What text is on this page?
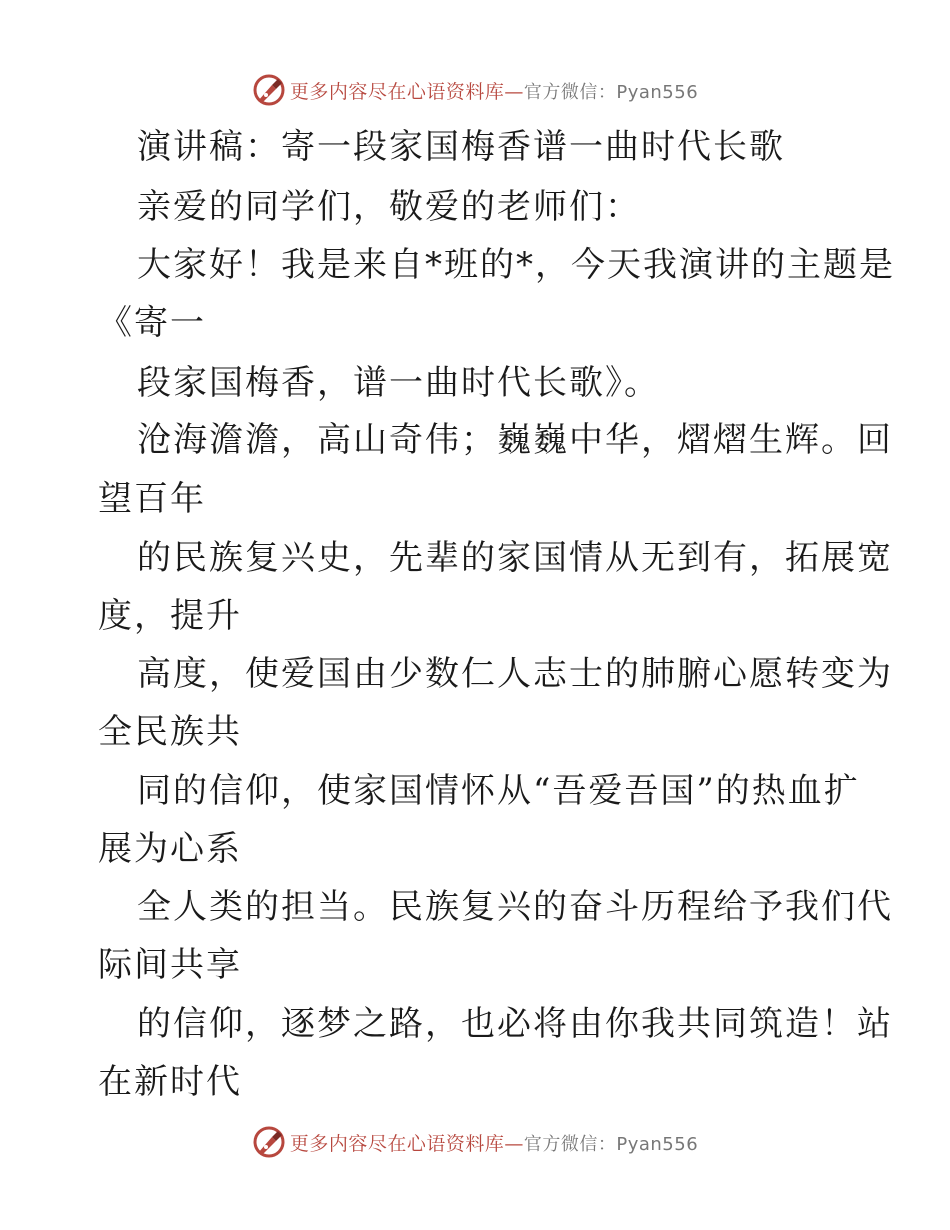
更多内容尽在心语资料库—官方微信：Pyan556
演讲稿：寄一段家国梅香谱一曲时代长歌
亲爱的同学们，敬爱的老师们：
大家好！我是来自*班的*，今天我演讲的主题是
《寄一
段家国梅香，谱一曲时代长歌》。
沧海澹澹，高山奇伟；巍巍中华，熠熠生辉。回
望百年
的民族复兴史，先辈的家国情从无到有，拓展宽
度，提升
高度，使爱国由少数仁人志士的肺腑心愿转变为
全民族共
同的信仰，使家国情怀从“吾爱吾国”的热血扩
展为心系
全人类的担当。民族复兴的奋斗历程给予我们代
际间共享
的信仰，逐梦之路，也必将由你我共同筑造！站
在新时代
更多内容尽在心语资料库—官方微信：Pyan556
